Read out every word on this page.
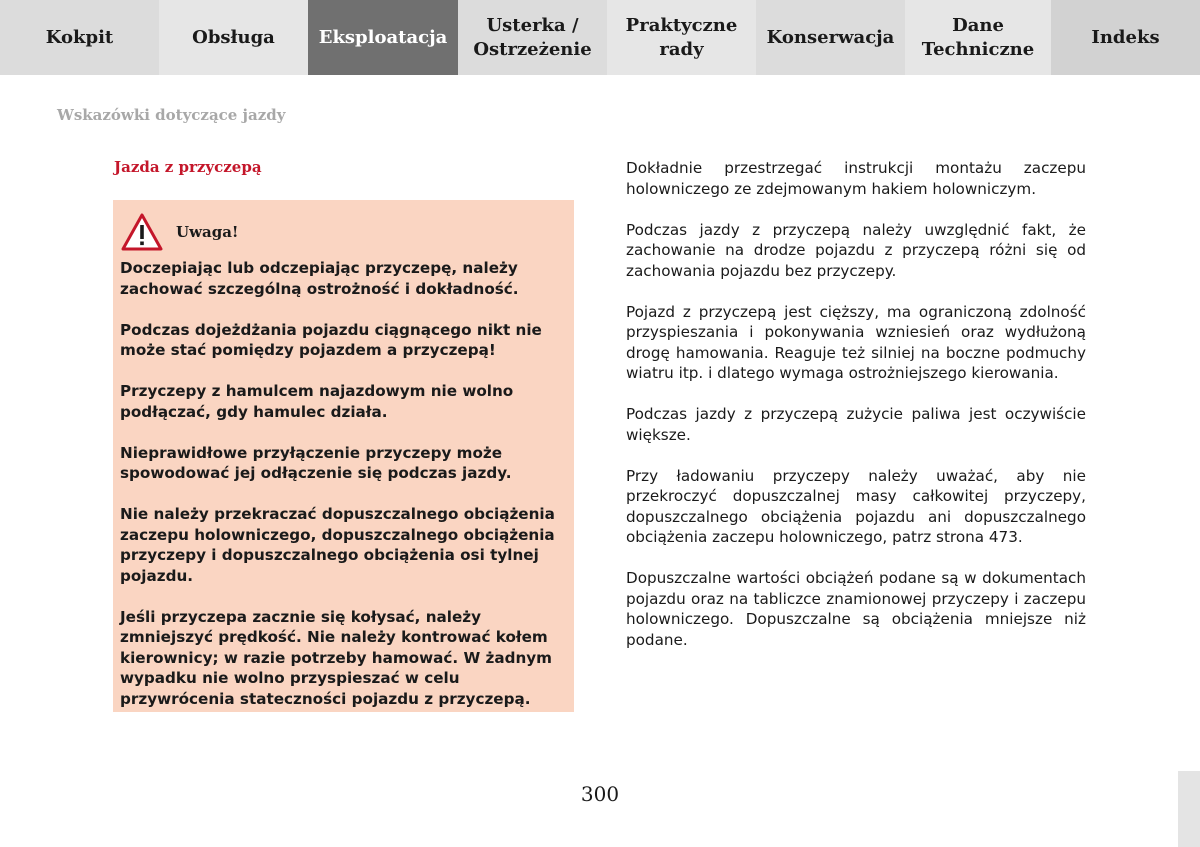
Kokpit	Obsługa	Eksploatacja
Usterka /
Ostrzeżenie
Praktyczne
rady
Konserwacja
Dane
Techniczne
Indeks
Wskazówki dotyczące jazdy
Jazda z przyczepą
Uwaga!

Doczepiając lub odczepiając przyczepę, należy zachować szczególną ostrożność i dokładność.

Podczas dojeżdżania pojazdu ciągnącego nikt nie może stać pomiędzy pojazdem a przyczepą!

Przyczepy z hamulcem najazdowym nie wolno podłączać, gdy hamulec działa.

Nieprawidłowe przyłączenie przyczepy może spowodować jej odłączenie się podczas jazdy.

Nie należy przekraczać dopuszczalnego obciążenia zaczepu holowniczego, dopuszczalnego obciążenia przyczepy i dopuszczalnego obciążenia osi tylnej pojazdu.

Jeśli przyczepa zacznie się kołysać, należy zmniejszyć prędkość. Nie należy kontrować kołem kierownicy; w razie potrzeby hamować. W żadnym wypadku nie wolno przyspieszać w celu przywrócenia stateczności pojazdu z przyczepą.

Dokładnie przestrzegać instrukcji montażu zaczepu holowniczego ze zdejmowanym hakiem holowniczym.

Podczas jazdy z przyczepą należy uwzględnić fakt, że zachowanie na drodze pojazdu z przyczepą różni się od zachowania pojazdu bez przyczepy.

Pojazd z przyczepą jest cięższy, ma ograniczoną zdolność przyspieszania i pokonywania wzniesień oraz wydłużoną drogę hamowania. Reaguje też silniej na boczne podmuchy wiatru itp. i dlatego wymaga ostrożniejszego kierowania.

Podczas jazdy z przyczepą zużycie paliwa jest oczywiście większe.

Przy ładowaniu przyczepy należy uważać, aby nie przekroczyć dopuszczalnej masy całkowitej przyczepy, dopuszczalnego obciążenia pojazdu ani dopuszczalnego obciążenia zaczepu holowniczego, patrz strona 473.

Dopuszczalne wartości obciążeń podane są w dokumentach pojazdu oraz na tabliczce znamionowej przyczepy i zaczepu holowniczego. Dopuszczalne są obciążenia mniejsze niż podane.

300
